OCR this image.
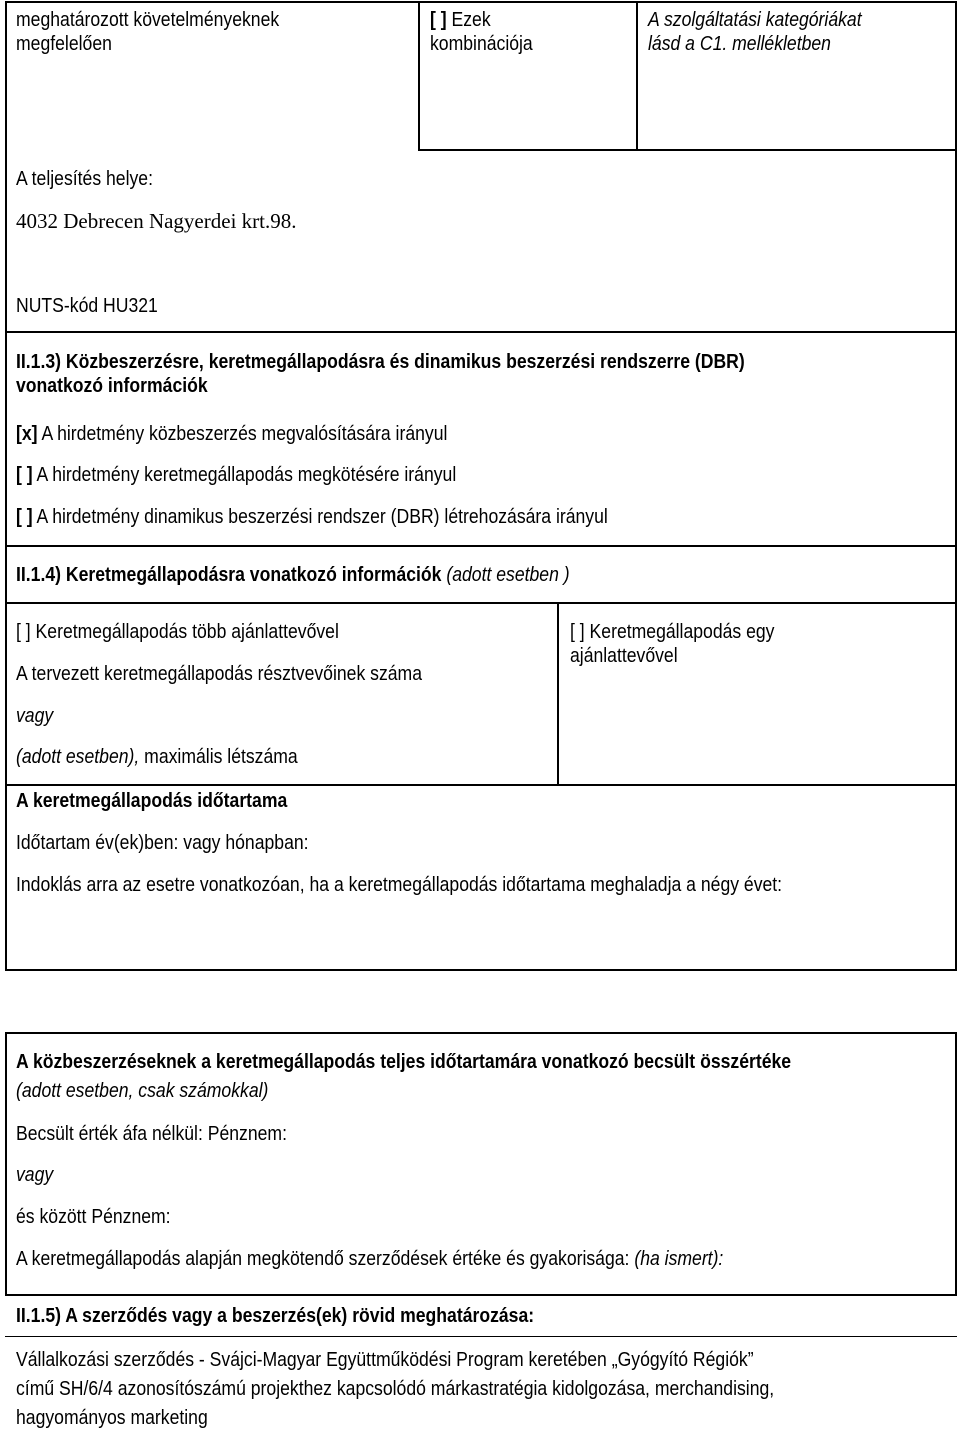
meghatározott követelményeknek
megfelelően
[ ] Ezek
kombinációja
A szolgáltatási kategóriákat
lásd a C1. mellékletben
A teljesítés helye:
4032 Debrecen Nagyerdei krt.98.
NUTS-kód HU321
II.1.3) Közbeszerzésre, keretmegállapodásra és dinamikus beszerzési rendszerre (DBR)
vonatkozó információk
[x] A hirdetmény közbeszerzés megvalósítására irányul
[ ] A hirdetmény keretmegállapodás megkötésére irányul
[ ] A hirdetmény dinamikus beszerzési rendszer (DBR) létrehozására irányul
II.1.4) Keretmegállapodásra vonatkozó információk (adott esetben )
[ ] Keretmegállapodás több ajánlattevővel
A tervezett keretmegállapodás résztvevőinek száma
vagy
(adott esetben), maximális létszáma
[ ] Keretmegállapodás egy
ajánlattevővel
A keretmegállapodás időtartama
Időtartam év(ek)ben: vagy hónapban:
Indoklás arra az esetre vonatkozóan, ha a keretmegállapodás időtartama meghaladja a négy évet:
A közbeszerzéseknek a keretmegállapodás teljes időtartamára vonatkozó becsült összértéke
(adott esetben, csak számokkal)
Becsült érték áfa nélkül: Pénznem:
vagy
és között Pénznem:
A keretmegállapodás alapján megkötendő szerződések értéke és gyakorisága: (ha ismert):
II.1.5) A szerződés vagy a beszerzés(ek) rövid meghatározása:
Vállalkozási szerződés - Svájci-Magyar Együttműködési Program keretében „Gyógyító Régiók”
című SH/6/4 azonosítószámú projekthez kapcsolódó márkastratégia kidolgozása, merchandising,
hagyományos marketing
